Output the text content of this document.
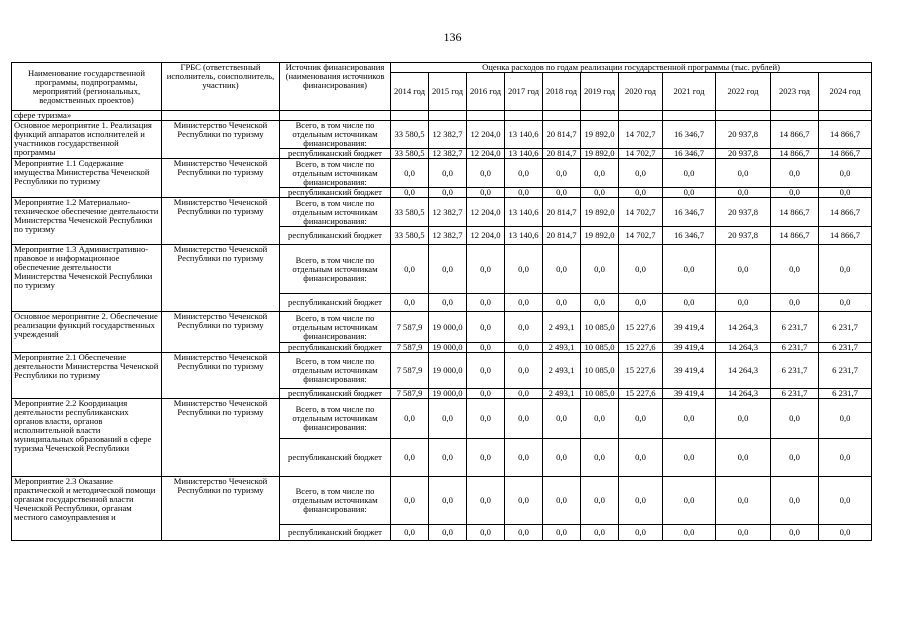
136
Наименование государственной программы, подпрограммы, мероприятий (региональных, ведомственных проектов)	ГРБС (ответственный исполнитель, соисполнитель, участник)	Источник финансирования (наименования источников финансирования)	Оценка расходов по годам реализации государственной программы (тыс. рублей)										
			2014 год	2015 год	2016 год	2017 год	2018 год	2019 год	2020 год	2021 год	2022 год	2023 год	2024 год
сфере туризма»													
Основное мероприятие 1. Реализация функций аппаратов исполнителей и участников государственной программы	Министерство Чеченской Республики по туризму	Всего, в том числе по отдельным источникам финансирования:	33 580,5	12 382,7	12 204,0	13 140,6	20 814,7	19 892,0	14 702,7	16 346,7	20 937,8	14 866,7	14 866,7
		республиканский бюджет	33 580,5	12 382,7	12 204,0	13 140,6	20 814,7	19 892,0	14 702,7	16 346,7	20 937,8	14 866,7	14 866,7
Мероприятие 1.1 Содержание имущества Министерства Чеченской Республики по туризму	Министерство Чеченской Республики по туризму	Всего, в том числе по отдельным источникам финансирования:	0,0	0,0	0,0	0,0	0,0	0,0	0,0	0,0	0,0	0,0	0,0
		республиканский бюджет	0,0	0,0	0,0	0,0	0,0	0,0	0,0	0,0	0,0	0,0	0,0
Мероприятие 1.2 Материально-техническое обеспечение деятельности Министерства Чеченской Республики по туризму	Министерство Чеченской Республики по туризму	Всего, в том числе по отдельным источникам финансирования:	33 580,5	12 382,7	12 204,0	13 140,6	20 814,7	19 892,0	14 702,7	16 346,7	20 937,8	14 866,7	14 866,7
		республиканский бюджет	33 580,5	12 382,7	12 204,0	13 140,6	20 814,7	19 892,0	14 702,7	16 346,7	20 937,8	14 866,7	14 866,7
Мероприятие 1.3 Административно-правовое и информационное обеспечение деятельности Министерства Чеченской Республики по туризму	Министерство Чеченской Республики по туризму	Всего, в том числе по отдельным источникам финансирования:	0,0	0,0	0,0	0,0	0,0	0,0	0,0	0,0	0,0	0,0	0,0
		республиканский бюджет	0,0	0,0	0,0	0,0	0,0	0,0	0,0	0,0	0,0	0,0	0,0
Основное мероприятие 2. Обеспечение реализации функций государственных учреждений	Министерство Чеченской Республики по туризму	Всего, в том числе по отдельным источникам финансирования:	7 587,9	19 000,0	0,0	0,0	2 493,1	10 085,0	15 227,6	39 419,4	14 264,3	6 231,7	6 231,7
		республиканский бюджет	7 587,9	19 000,0	0,0	0,0	2 493,1	10 085,0	15 227,6	39 419,4	14 264,3	6 231,7	6 231,7
Мероприятие 2.1 Обеспечение деятельности Министерства Чеченской Республики по туризму	Министерство Чеченской Республики по туризму	Всего, в том числе по отдельным источникам финансирования:	7 587,9	19 000,0	0,0	0,0	2 493,1	10 085,0	15 227,6	39 419,4	14 264,3	6 231,7	6 231,7
		республиканский бюджет	7 587,9	19 000,0	0,0	0,0	2 493,1	10 085,0	15 227,6	39 419,4	14 264,3	6 231,7	6 231,7
Мероприятие 2.2 Координация деятельности республиканских органов власти, органов исполнительной власти муниципальных образований в сфере туризма Чеченской Республики	Министерство Чеченской Республики по туризму	Всего, в том числе по отдельным источникам финансирования:	0,0	0,0	0,0	0,0	0,0	0,0	0,0	0,0	0,0	0,0	0,0
		республиканский бюджет	0,0	0,0	0,0	0,0	0,0	0,0	0,0	0,0	0,0	0,0	0,0
Мероприятие 2.3 Оказание практической и методической помощи органам государственной власти Чеченской Республики, органам местного самоуправления и	Министерство Чеченской Республики по туризму	Всего, в том числе по отдельным источникам финансирования:	0,0	0,0	0,0	0,0	0,0	0,0	0,0	0,0	0,0	0,0	0,0
		республиканский бюджет	0,0	0,0	0,0	0,0	0,0	0,0	0,0	0,0	0,0	0,0	0,0
